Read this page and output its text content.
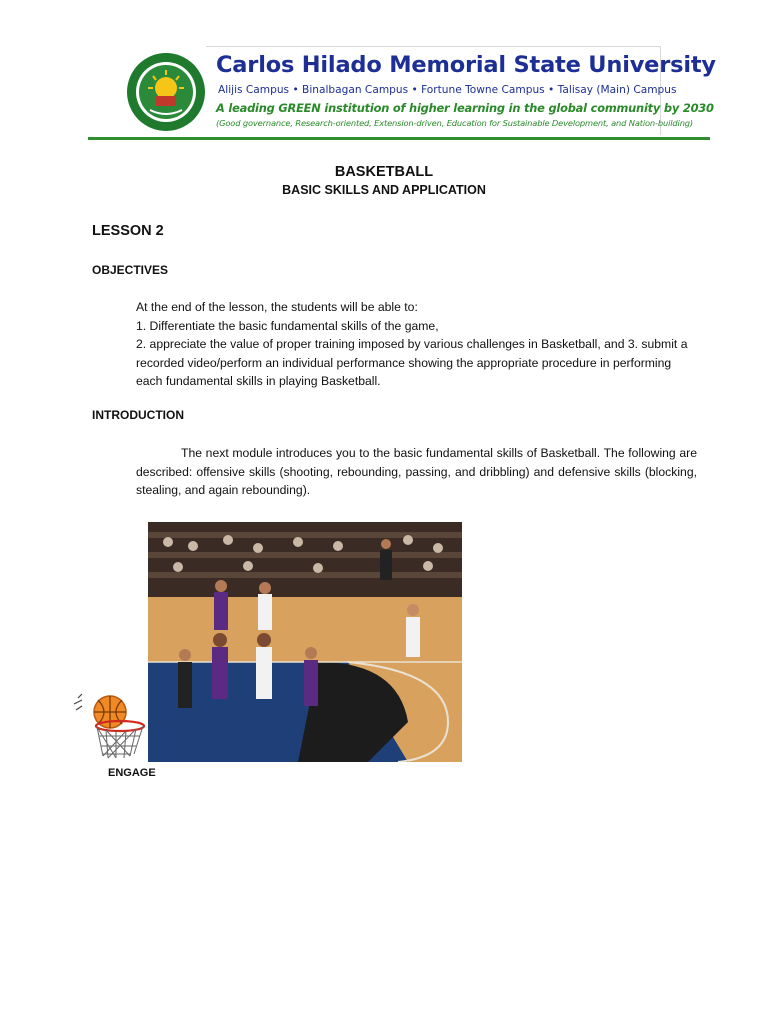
Carlos Hilado Memorial State University
Alijis Campus • Binalbagan Campus • Fortune Towne Campus • Talisay (Main) Campus
A leading GREEN institution of higher learning in the global community by 2030
(Good governance, Research-oriented, Extension-driven, Education for Sustainable Development, and Nation-building)
BASKETBALL
BASIC SKILLS AND APPLICATION
LESSON 2
OBJECTIVES
At the end of the lesson, the students will be able to:
1. Differentiate the basic fundamental skills of the game,
2. appreciate the value of proper training imposed by various challenges in Basketball, and 3. submit a
recorded video/perform an individual performance showing the appropriate procedure in performing
each fundamental skills in playing Basketball.
INTRODUCTION
The next module introduces you to the basic fundamental skills of Basketball. The following are described: offensive skills (shooting, rebounding, passing, and dribbling) and defensive skills (blocking, stealing, and again rebounding).
ENGAGE
